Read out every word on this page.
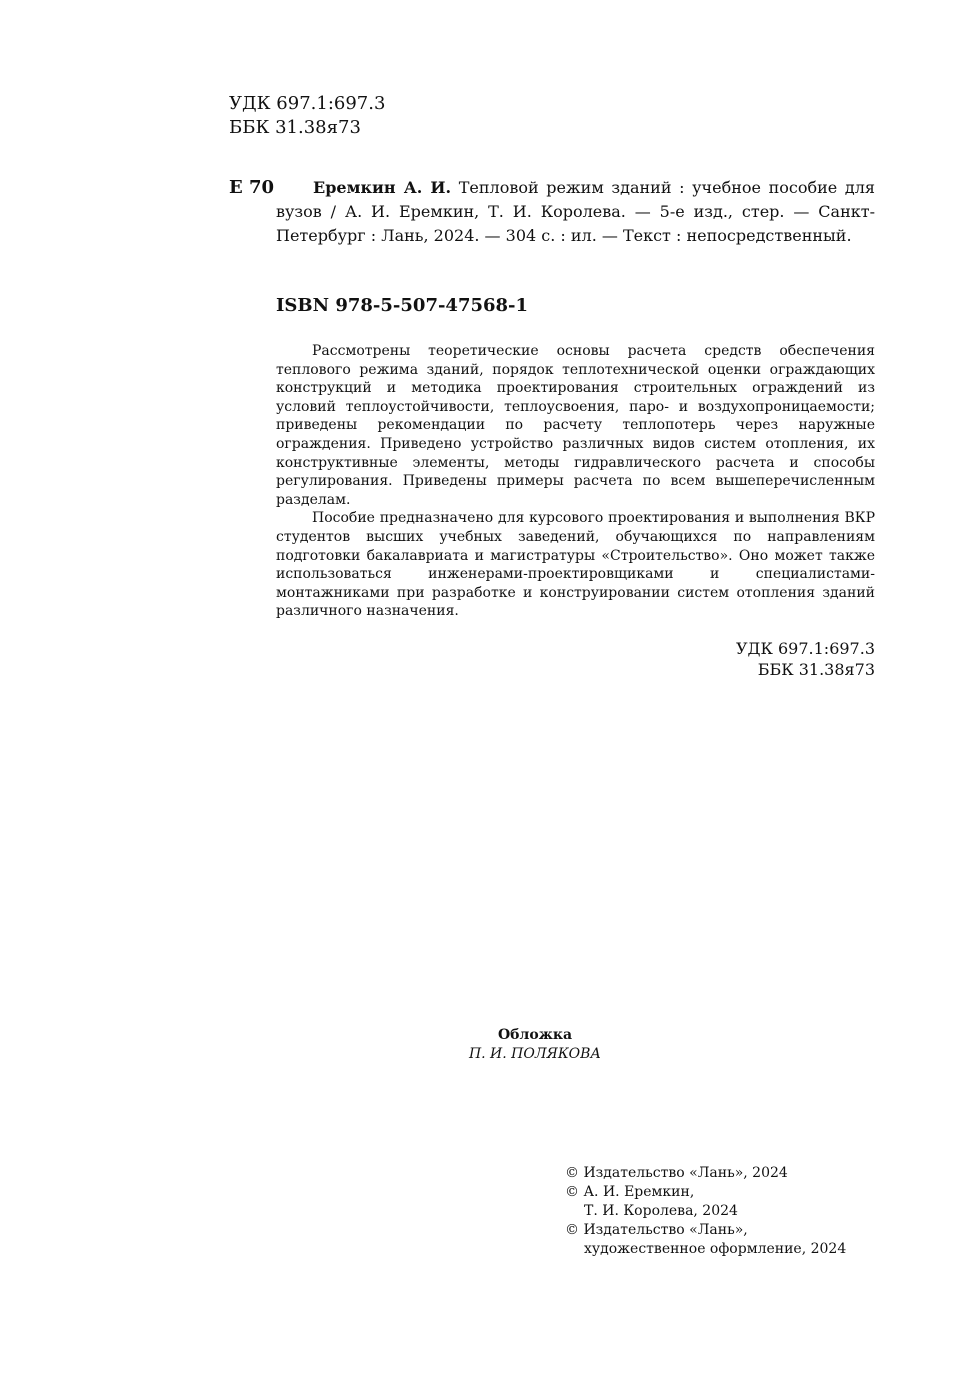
УДК 697.1:697.3
ББК 31.38я73
Е 70	Еремкин А. И. Тепловой режим зданий : учебное пособие для вузов / А. И. Еремкин, Т. И. Королева. — 5-е изд., стер. — Санкт-Петербург : Лань, 2024. — 304 с. : ил. — Текст : непосредственный.
ISBN 978-5-507-47568-1

Рассмотрены теоретические основы расчета средств обеспечения теплового режима зданий, порядок теплотехнической оценки ограждающих конструкций и методика проектирования строительных ограждений из условий теплоустойчивости, теплоусвоения, паро- и воздухопроницаемости; приведены рекомендации по расчету теплопотерь через наружные ограждения. Приведено устройство различных видов систем отопления, их конструктивные элементы, методы гидравлического расчета и способы регулирования. Приведены примеры расчета по всем вышеперечисленным разделам.

Пособие предназначено для курсового проектирования и выполнения ВКР студентов высших учебных заведений, обучающихся по направлениям подготовки бакалавриата и магистратуры «Строительство». Оно может также использоваться инженерами-проектировщиками и специалистами-монтажниками при разработке и конструировании систем отопления зданий различного назначения.

УДК 697.1:697.3
ББК 31.38я73
Обложка
П. И. ПОЛЯКОВА
© Издательство «Лань», 2024
© А. И. Еремкин,
Т. И. Королева, 2024
© Издательство «Лань»,
художественное оформление, 2024
